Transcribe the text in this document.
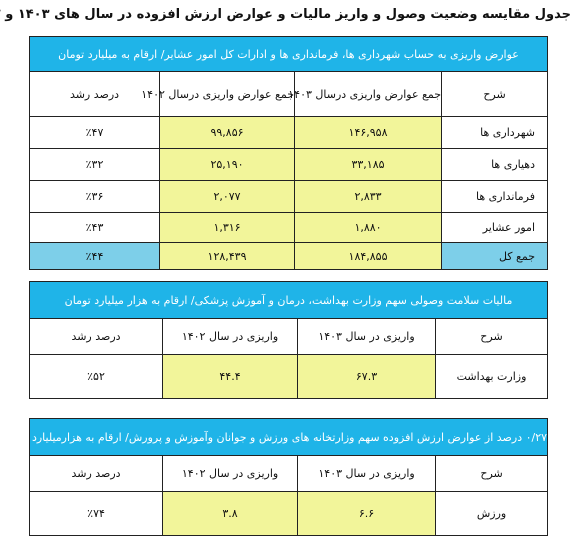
جدول مقایسه وضعیت وصول و واریز مالیات و عوارض ارزش افزوده در سال های ۱۴۰۳ و
عوارض واریزی به حساب شهرداری ها، فرمانداری ها و ادارات کل امور عشایر/ ارقام به میلیارد تومان			
شرح	جمع عوارض واریزی درسال ۱۴۰۳	جمع عوارض واریزی درسال ۱۴۰۲	درصد رشد
شهرداری ها	۱۴۶,۹۵۸	۹۹,۸۵۶	٪۴۷
دهیاری ها	۳۳,۱۸۵	۲۵,۱۹۰	٪۳۲
فرمانداری ها	۲,۸۳۳	۲,۰۷۷	٪۳۶
امور عشایر	۱,۸۸۰	۱,۳۱۶	٪۴۳
جمع کل	۱۸۴,۸۵۵	۱۲۸,۴۳۹	٪۴۴
مالیات سلامت وصولی سهم وزارت بهداشت، درمان و آموزش پزشکی/ ارقام به هزار میلیارد تومان			
شرح	واریزی در سال ۱۴۰۳	واریزی در سال ۱۴۰۲	درصد رشد
وزارت بهداشت	۶۷.۳	۴۴.۴	٪۵۲
۰/۲۷ درصد از عوارض ارزش افزوده سهم وزارتخانه های ورزش و جوانان وآموزش و پرورش/ ارقام به هزارمیلیارد تومان			
شرح	واریزی در سال ۱۴۰۳	واریزی در سال ۱۴۰۲	درصد رشد
ورزش	۶.۶	۳.۸	٪۷۴
